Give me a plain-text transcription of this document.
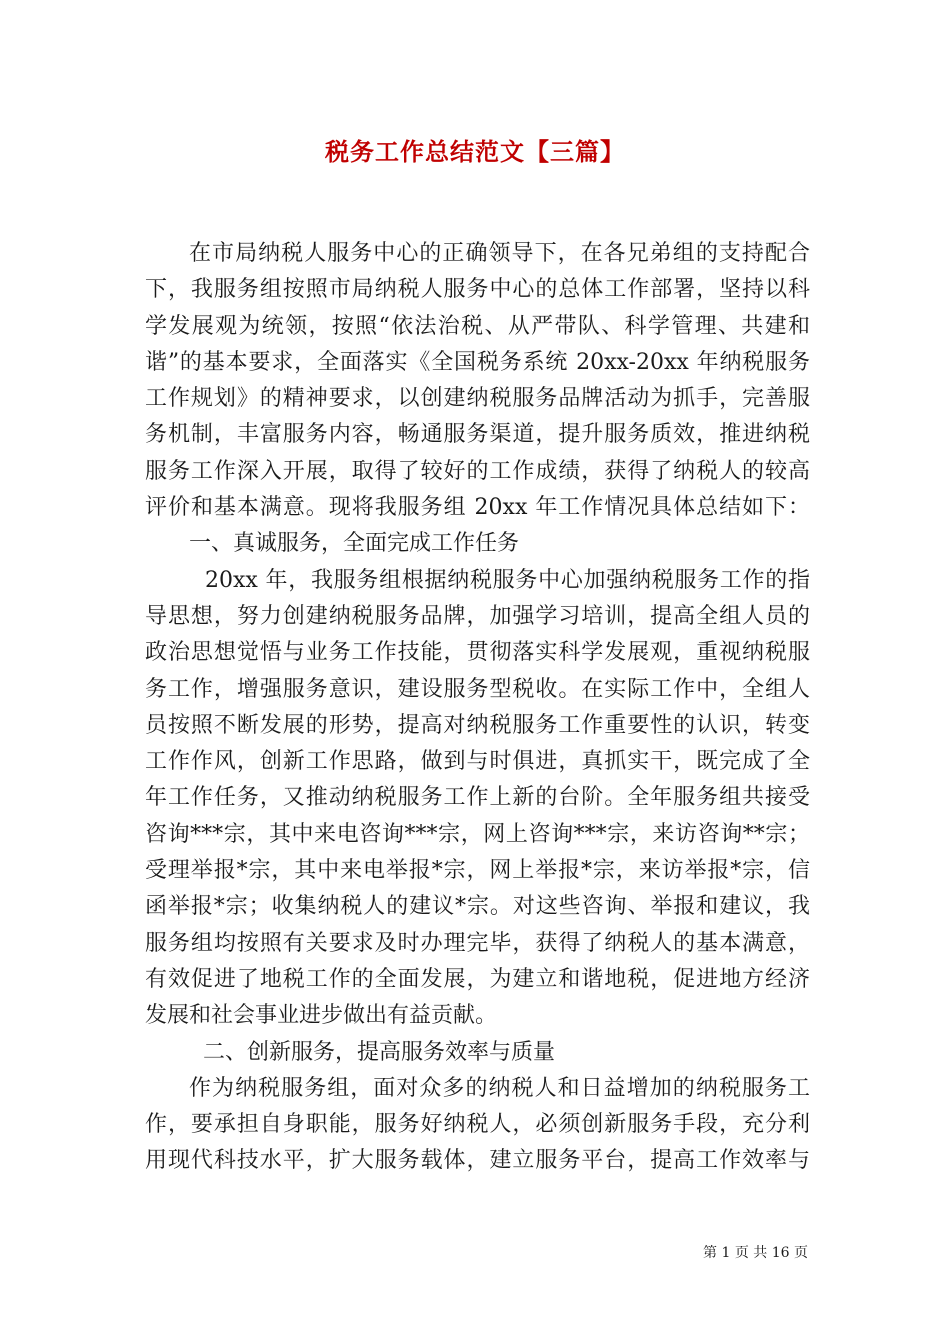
税务工作总结范文【三篇】
在市局纳税人服务中心的正确领导下，在各兄弟组的支持配合
下，我服务组按照市局纳税人服务中心的总体工作部署，坚持以科
学发展观为统领，按照“依法治税、从严带队、科学管理、共建和
谐”的基本要求，全面落实《全国税务系统 20xx-20xx 年纳税服务
工作规划》的精神要求，以创建纳税服务品牌活动为抓手，完善服
务机制，丰富服务内容，畅通服务渠道，提升服务质效，推进纳税
服务工作深入开展，取得了较好的工作成绩，获得了纳税人的较高
评价和基本满意。现将我服务组 20xx 年工作情况具体总结如下：
一、真诚服务，全面完成工作任务
20xx 年，我服务组根据纳税服务中心加强纳税服务工作的指
导思想，努力创建纳税服务品牌，加强学习培训，提高全组人员的
政治思想觉悟与业务工作技能，贯彻落实科学发展观，重视纳税服
务工作，增强服务意识，建设服务型税收。在实际工作中，全组人
员按照不断发展的形势，提高对纳税服务工作重要性的认识，转变
工作作风，创新工作思路，做到与时俱进，真抓实干，既完成了全
年工作任务，又推动纳税服务工作上新的台阶。全年服务组共接受
咨询***宗，其中来电咨询***宗，网上咨询***宗，来访咨询**宗；
受理举报*宗，其中来电举报*宗，网上举报*宗，来访举报*宗，信
函举报*宗；收集纳税人的建议*宗。对这些咨询、举报和建议，我
服务组均按照有关要求及时办理完毕，获得了纳税人的基本满意，
有效促进了地税工作的全面发展，为建立和谐地税，促进地方经济
发展和社会事业进步做出有益贡献。
二、创新服务，提高服务效率与质量
作为纳税服务组，面对众多的纳税人和日益增加的纳税服务工
作，要承担自身职能，服务好纳税人，必须创新服务手段，充分利
用现代科技水平，扩大服务载体，建立服务平台，提高工作效率与
第 1 页 共 16 页
